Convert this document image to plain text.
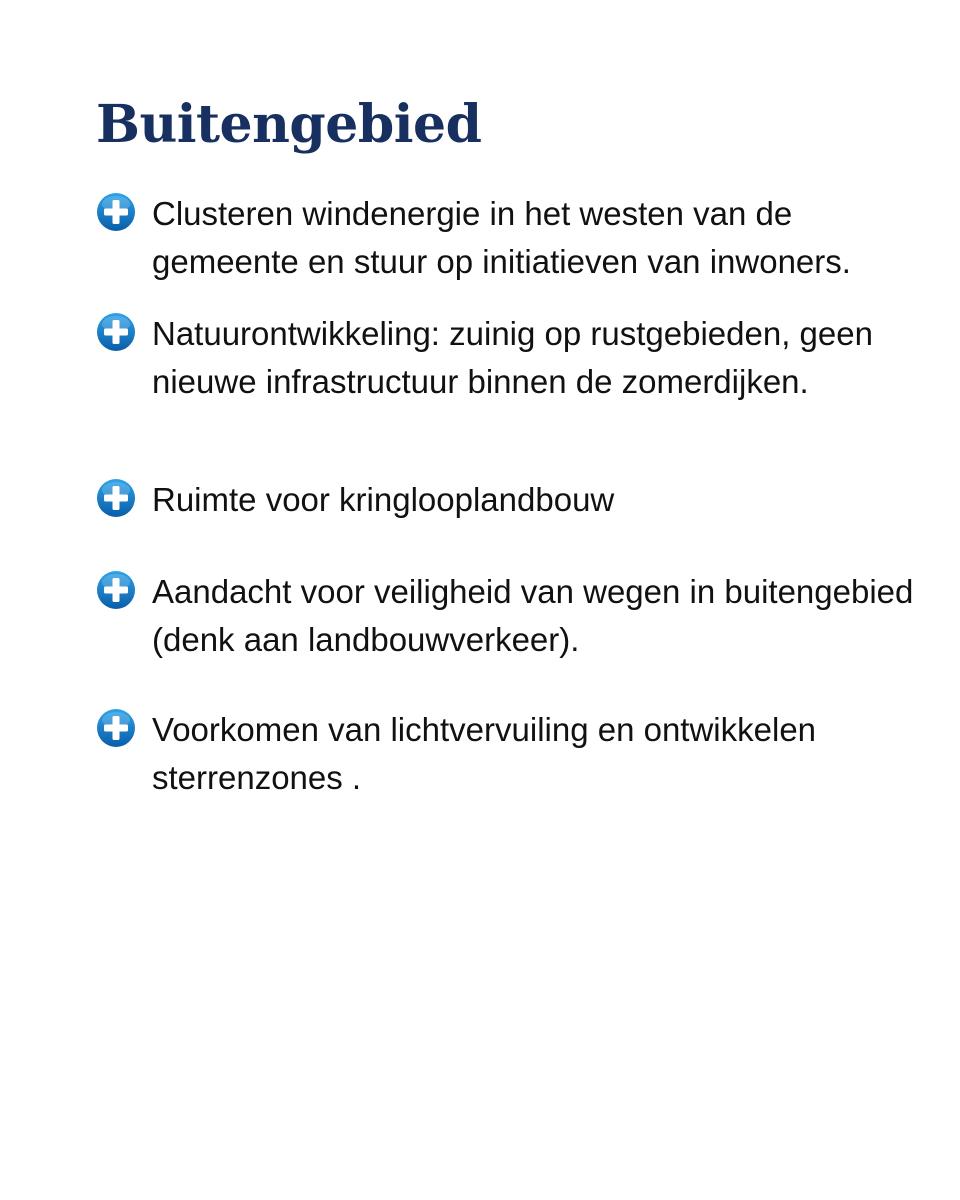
Buitengebied

Clusteren windenergie in het westen van de gemeente en stuur op initiatieven van inwoners.

Natuurontwikkeling: zuinig op rustgebieden, geen nieuwe infrastructuur binnen de zomerdijken.

Ruimte voor kringlooplandbouw

Aandacht voor veiligheid van wegen in buitengebied (denk aan landbouwverkeer).

Voorkomen van lichtvervuiling en ontwikkelen sterrenzones .
